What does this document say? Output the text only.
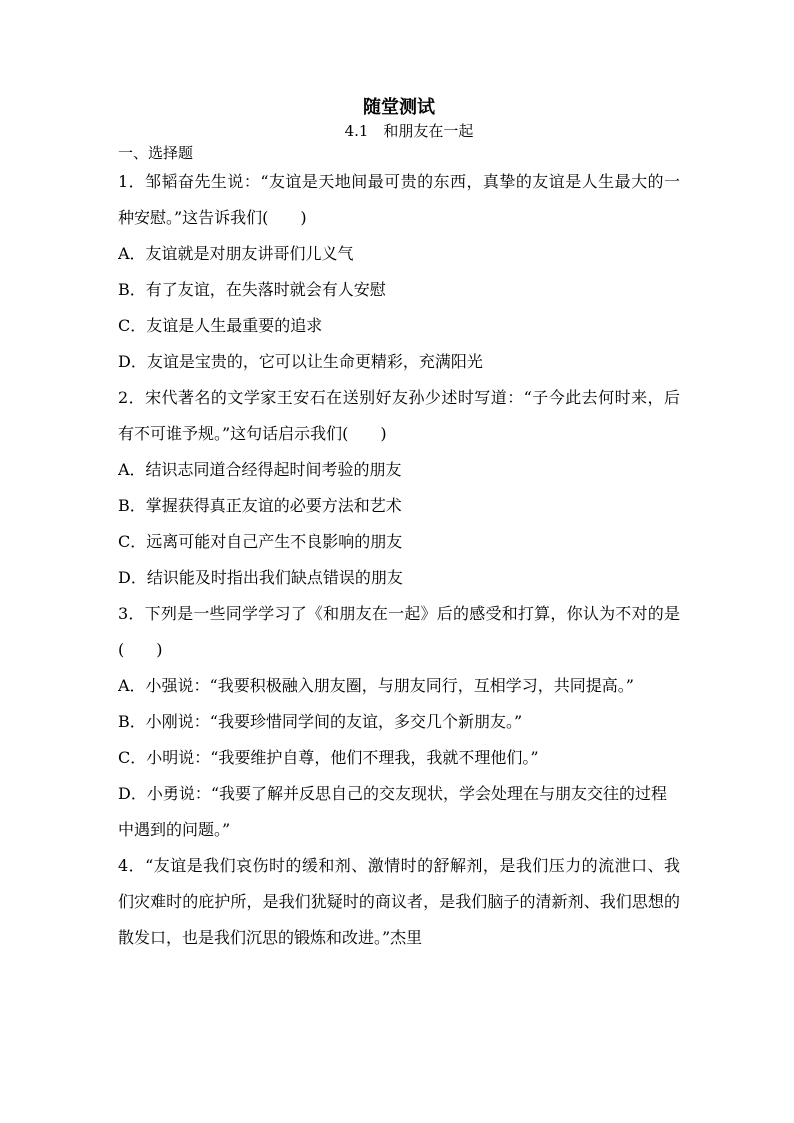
随堂测试

4.1　和朋友在一起

一、选择题

1．邹韬奋先生说：“友谊是天地间最可贵的东西，真挚的友谊是人生最大的一种安慰。”这告诉我们(　　)

A．友谊就是对朋友讲哥们儿义气

B．有了友谊，在失落时就会有人安慰

C．友谊是人生最重要的追求

D．友谊是宝贵的，它可以让生命更精彩，充满阳光

2．宋代著名的文学家王安石在送别好友孙少述时写道：“子今此去何时来，后有不可谁予规。”这句话启示我们(　　)

A．结识志同道合经得起时间考验的朋友

B．掌握获得真正友谊的必要方法和艺术

C．远离可能对自己产生不良影响的朋友

D．结识能及时指出我们缺点错误的朋友

3．下列是一些同学学习了《和朋友在一起》后的感受和打算，你认为不对的是(　　)

A．小强说：“我要积极融入朋友圈，与朋友同行，互相学习，共同提高。”

B．小刚说：“我要珍惜同学间的友谊，多交几个新朋友。”

C．小明说：“我要维护自尊，他们不理我，我就不理他们。”

D．小勇说：“我要了解并反思自己的交友现状，学会处理在与朋友交往的过程中遇到的问题。”

4．“友谊是我们哀伤时的缓和剂、激情时的舒解剂，是我们压力的流泄口、我们灾难时的庇护所，是我们犹疑时的商议者，是我们脑子的清新剂、我们思想的散发口，也是我们沉思的锻炼和改进。”杰里
